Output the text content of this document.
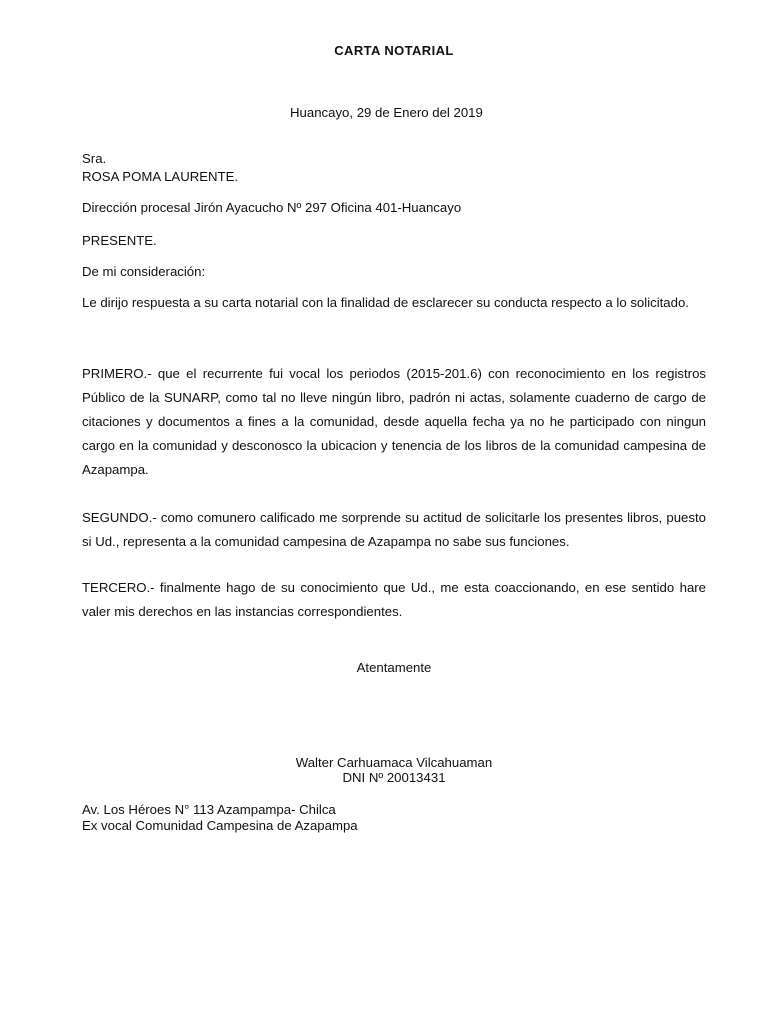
CARTA NOTARIAL
Huancayo, 29 de Enero del 2019
Sra.
ROSA POMA LAURENTE.
Dirección procesal Jirón Ayacucho Nº 297 Oficina 401-Huancayo
PRESENTE.
De mi consideración:
Le dirijo respuesta a su carta notarial con la finalidad de esclarecer su conducta respecto a lo solicitado.
PRIMERO.- que el recurrente fui vocal los periodos (2015-201.6) con reconocimiento en los registros Público de la SUNARP, como tal no lleve ningún libro, padrón ni actas, solamente cuaderno de cargo de citaciones y documentos a fines a la comunidad, desde aquella fecha ya no he participado con ningun cargo en la comunidad y desconosco la ubicacion y tenencia de los libros de la comunidad campesina de Azapampa.
SEGUNDO.- como comunero calificado me sorprende su actitud de solicitarle los presentes libros, puesto si Ud., representa a la comunidad campesina de Azapampa no sabe sus funciones.
TERCERO.- finalmente hago de su conocimiento que Ud., me esta coaccionando, en ese sentido hare valer mis derechos en las instancias correspondientes.
Atentamente
Walter Carhuamaca Vilcahuaman
DNI Nº 20013431
Av. Los Héroes N° 113 Azampampa- Chilca
Ex vocal Comunidad Campesina de Azapampa
